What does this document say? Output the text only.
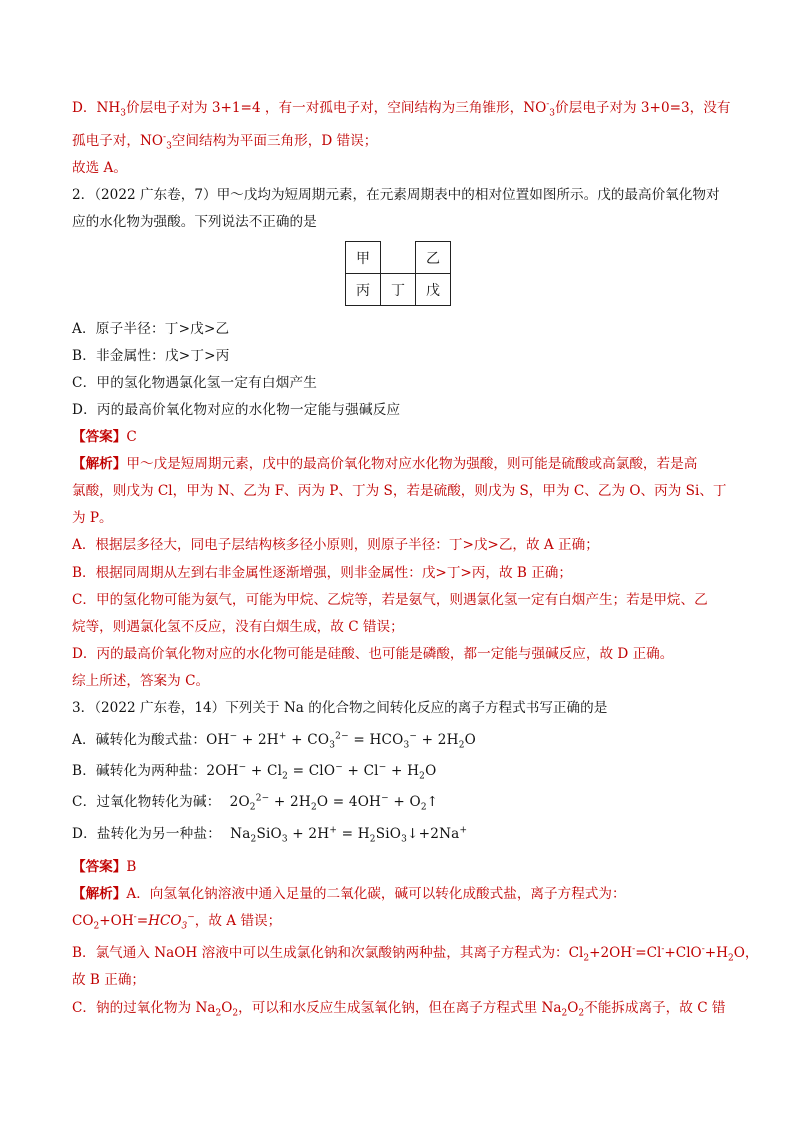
D．$NH_3$价层电子对为 3+1=4 ，有一对孤电子对，空间结构为三角锥形，$NO^-_3$价层电子对为 3+0=3，没有
孤电子对，$NO^-_3$空间结构为平面三角形，D 错误；
故选 A。
2．（2022 广东卷，7）甲～戊均为短周期元素，在元素周期表中的相对位置如图所示。戊的最高价氧化物对
应的水化物为强酸。下列说法不正确的是
甲		乙
丙	丁	戊
A．原子半径：丁>戊>乙
B．非金属性：戊>丁>丙
C．甲的氢化物遇氯化氢一定有白烟产生
D．丙的最高价氧化物对应的水化物一定能与强碱反应
【答案】C
【解析】甲～戊是短周期元素，戊中的最高价氧化物对应水化物为强酸，则可能是硫酸或高氯酸，若是高
氯酸，则戊为 Cl，甲为 N、乙为 F、丙为 P、丁为 S，若是硫酸，则戊为 S，甲为 C、乙为 O、丙为 Si、丁
为 P。
A．根据层多径大，同电子层结构核多径小原则，则原子半径：丁>戊>乙，故 A 正确；
B．根据同周期从左到右非金属性逐渐增强，则非金属性：戊>丁>丙，故 B 正确；
C．甲的氢化物可能为氨气，可能为甲烷、乙烷等，若是氨气，则遇氯化氢一定有白烟产生；若是甲烷、乙
烷等，则遇氯化氢不反应，没有白烟生成，故 C 错误；
D．丙的最高价氧化物对应的水化物可能是硅酸、也可能是磷酸，都一定能与强碱反应，故 D 正确。
综上所述，答案为 C。
3．（2022 广东卷，14）下列关于 Na 的化合物之间转化反应的离子方程式书写正确的是
A．碱转化为酸式盐：$OH^- + 2H^+ + CO_3^{2-} = HCO_3^- + 2H_2O$
B．碱转化为两种盐：$2OH^- + Cl_2 = ClO^- + Cl^- + H_2O$
C．过氧化物转化为碱： $2O_2^{2-} + 2H_2O = 4OH^-$ + $O_2↑$
D．盐转化为另一种盐： $Na_2SiO_3 + 2H^+$ = $H_2SiO_3↓+2Na^+$
【答案】B
【解析】A．向氢氧化钠溶液中通入足量的二氧化碳，碱可以转化成酸式盐，离子方程式为：
$CO_2+OH^-=HCO_3^-$，故 A 错误；
B．氯气通入 NaOH 溶液中可以生成氯化钠和次氯酸钠两种盐，其离子方程式为：$Cl_2+2OH^-=Cl^-+ClO^-+H_2O$，
故 B 正确；
C．钠的过氧化物为 $Na_2O_2$，可以和水反应生成氢氧化钠，但在离子方程式里 $Na_2O_2$不能拆成离子，故 C 错
